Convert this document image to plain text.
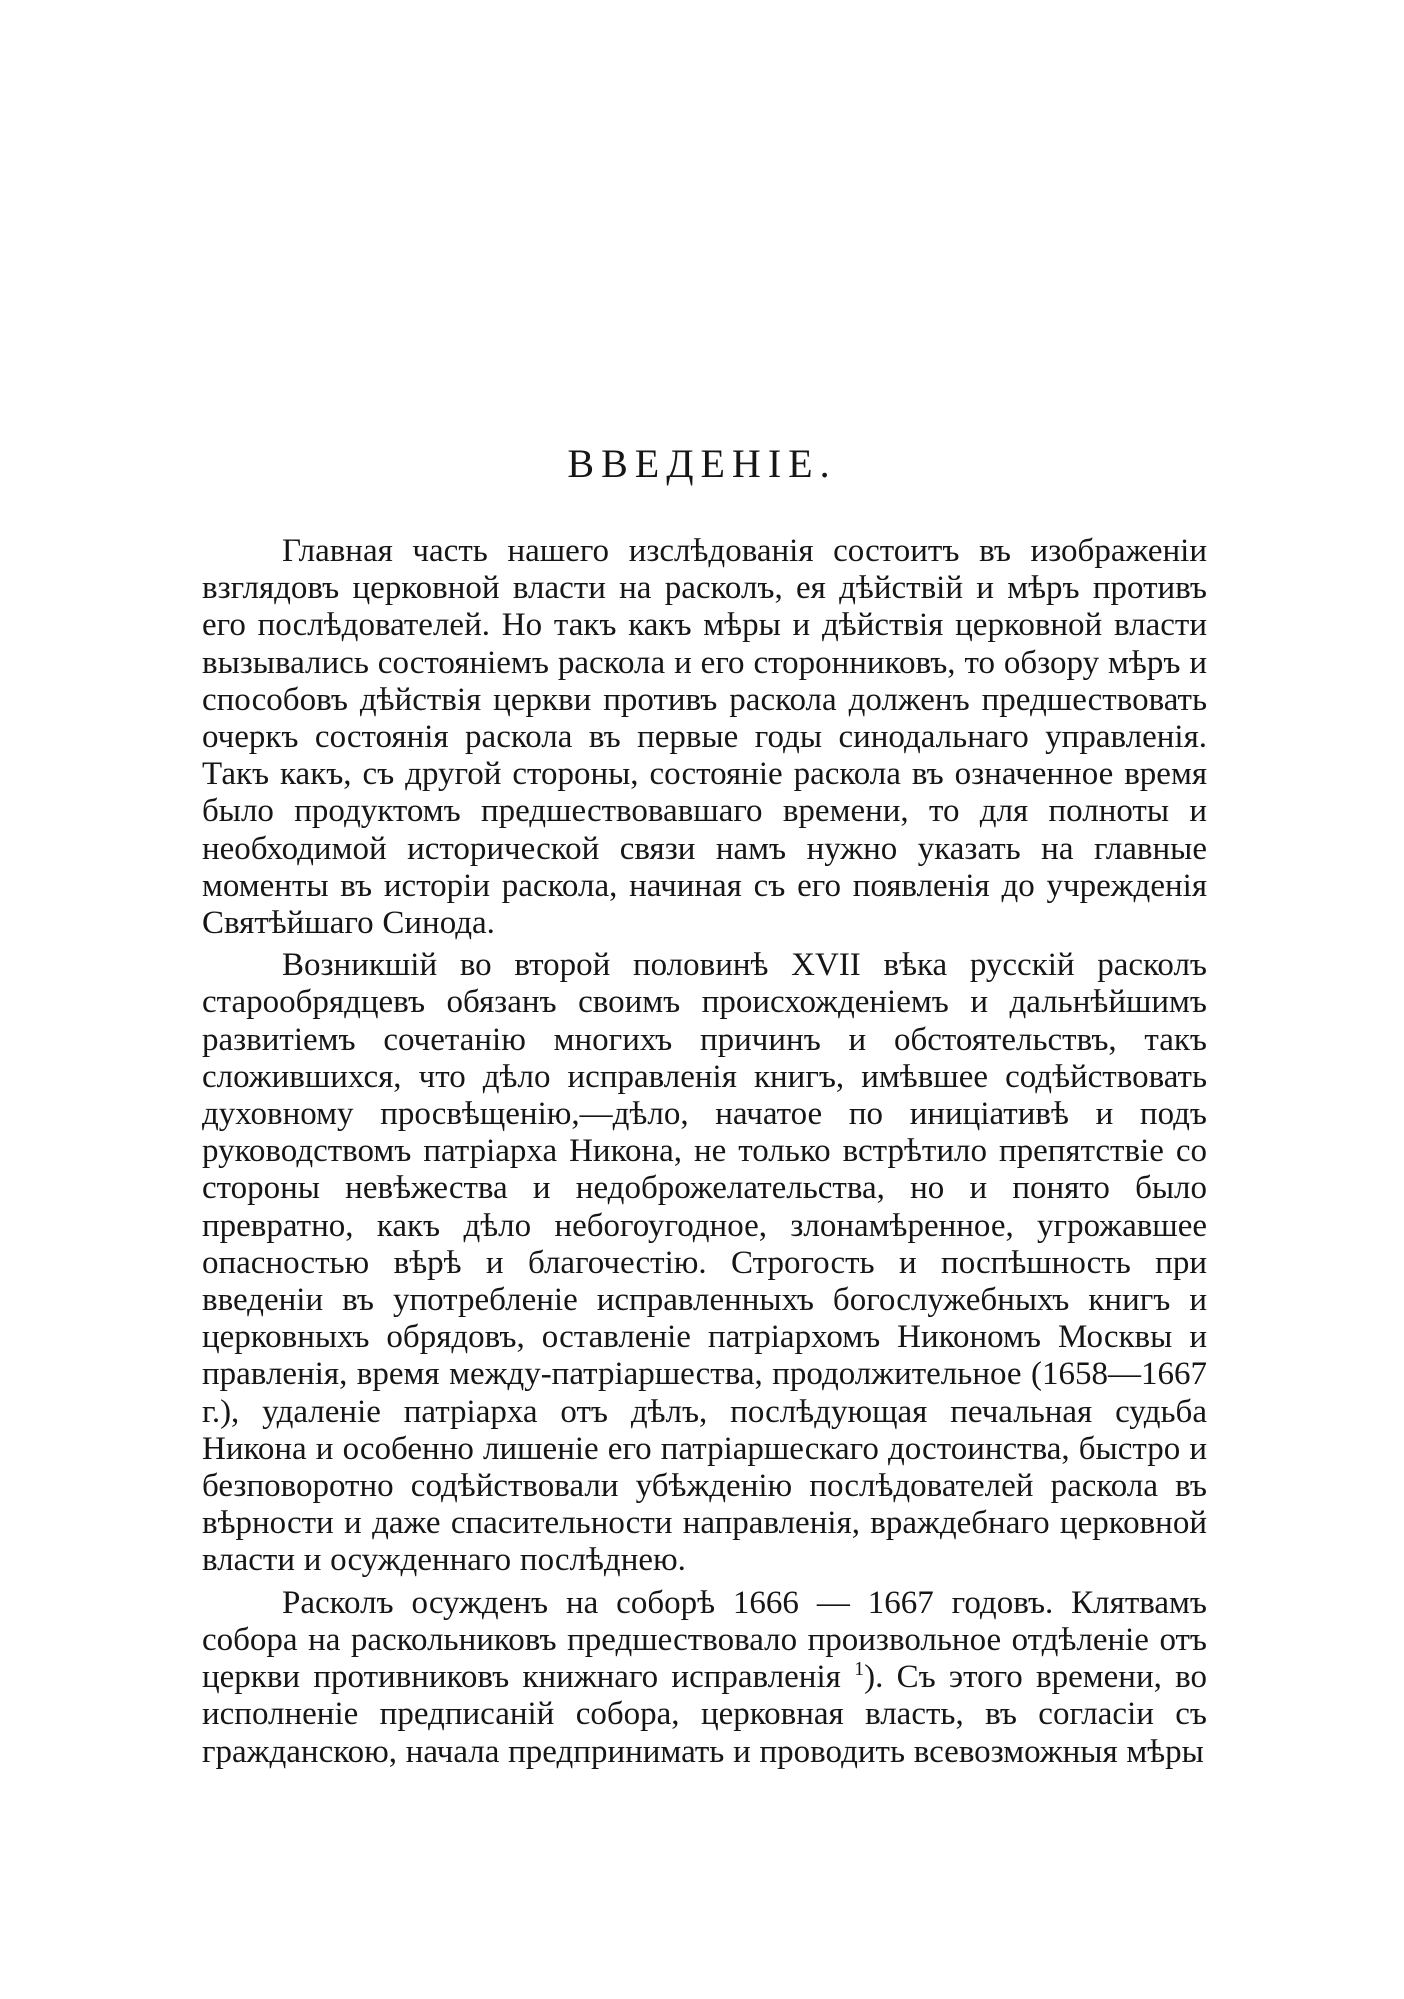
ВВЕДЕНIЕ.

Главная часть нашего изслѣдованія состоитъ въ изображеніи взглядовъ церковной власти на расколъ, ея дѣйствій и мѣръ противъ его послѣдователей. Но такъ какъ мѣры и дѣйствія церковной власти вызывались состояніемъ раскола и его сторонниковъ, то обзору мѣръ и способовъ дѣйствія церкви противъ раскола долженъ предшествовать очеркъ состоянія раскола въ первые годы синодальнаго управленія. Такъ какъ, съ другой стороны, состояніе раскола въ означенное время было продуктомъ предшествовавшаго времени, то для полноты и необходимой исторической связи намъ нужно указать на главные моменты въ исторіи раскола, начиная съ его появленія до учрежденія Святѣйшаго Синода.

Возникшій во второй половинѣ XVII вѣка русскій расколъ старообрядцевъ обязанъ своимъ происхожденіемъ и дальнѣйшимъ развитіемъ сочетанію многихъ причинъ и обстоятельствъ, такъ сложившихся, что дѣло исправленія книгъ, имѣвшее содѣйствовать духовному просвѣщенію,—дѣло, начатое по иниціативѣ и подъ руководствомъ патріарха Никона, не только встрѣтило препятствіе со стороны невѣжества и недоброжелательства, но и понято было превратно, какъ дѣло небогоугодное, злонамѣренное, угрожавшее опасностью вѣрѣ и благочестію. Строгость и поспѣшность при введеніи въ употребленіе исправленныхъ богослужебныхъ книгъ и церковныхъ обрядовъ, оставленіе патріархомъ Никономъ Москвы и правленія, время между-патріаршества, продолжительное (1658—1667 г.), удаленіе патріарха отъ дѣлъ, послѣдующая печальная судьба Никона и особенно лишеніе его патріаршескаго достоинства, быстро и безповоротно содѣйствовали убѣжденію послѣдователей раскола въ вѣрности и даже спасительности направленія, враждебнаго церковной власти и осужденнаго послѣднею.

Расколъ осужденъ на соборѣ 1666 — 1667 годовъ. Клятвамъ собора на раскольниковъ предшествовало произвольное отдѣленіе отъ церкви противниковъ книжнаго исправленія $^1$). Съ этого времени, во исполненіе предписаній собора, церковная власть, въ согласіи съ гражданскою, начала предпринимать и проводить всевозможныя мѣры
